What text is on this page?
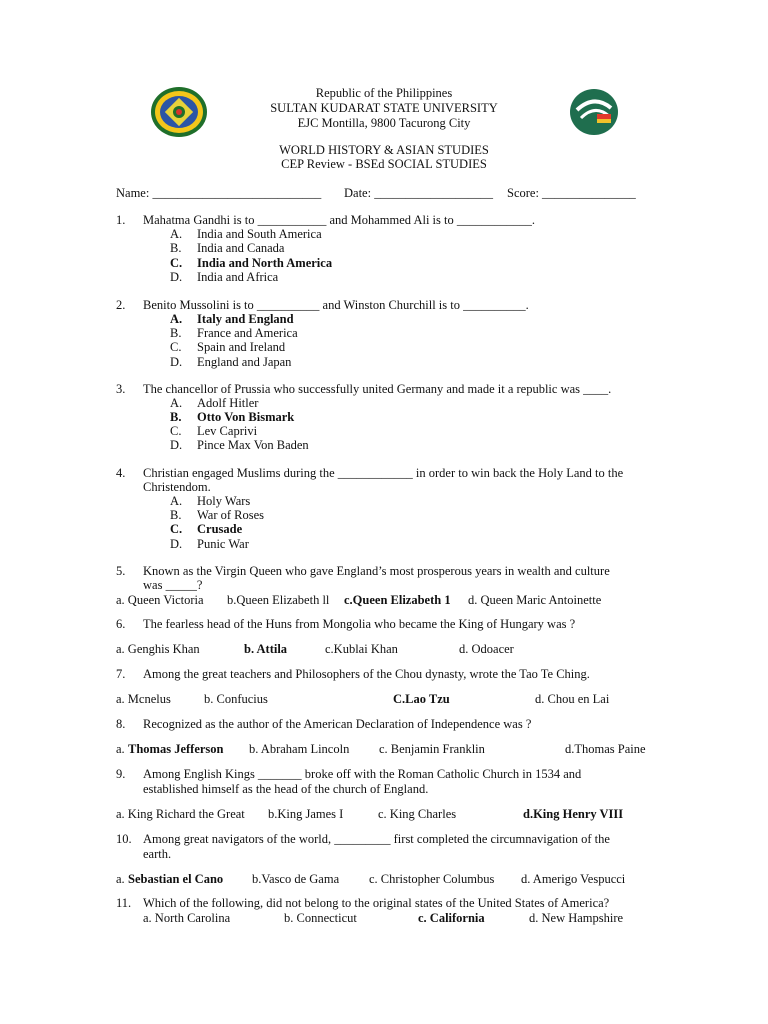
Republic of the Philippines
SULTAN KUDARAT STATE UNIVERSITY
EJC Montilla, 9800 Tacurong City
WORLD HISTORY & ASIAN STUDIES
CEP Review - BSEd SOCIAL STUDIES
Name: ___________________________ Date: ___________________ Score: _______________
1. Mahatma Gandhi is to ___________ and Mohammed Ali is to ____________.
A. India and South America
B. India and Canada
C. India and North America
D. India and Africa
2. Benito Mussolini is to __________ and Winston Churchill is to __________.
A. Italy and England
B. France and America
C. Spain and Ireland
D. England and Japan
3. The chancellor of Prussia who successfully united Germany and made it a republic was ____.
A. Adolf Hitler
B. Otto Von Bismark
C. Lev Caprivi
D. Pince Max Von Baden
4. Christian engaged Muslims during the ____________ in order to win back the Holy Land to the
Christendom.
A. Holy Wars
B. War of Roses
C. Crusade
D. Punic War
5. Known as the Virgin Queen who gave England’s most prosperous years in wealth and culture
was _____?
a. Queen Victoria b.Queen Elizabeth ll c.Queen Elizabeth 1 d. Queen Maric Antoinette
6. The fearless head of the Huns from Mongolia who became the King of Hungary was ?
a. Genghis Khan	b. Attila	c.Kublai Khan	d. Odoacer
7. Among the great teachers and Philosophers of the Chou dynasty, wrote the Tao Te Ching.
a. Mcnelus	b. Confucius	C.Lao Tzu	d. Chou en Lai
8. Recognized as the author of the American Declaration of Independence was ?
a. Thomas Jefferson b. Abraham Lincoln c. Benjamin Franklin	d.Thomas Paine
9. Among English Kings _______ broke off with the Roman Catholic Church in 1534 and
established himself as the head of the church of England.
a. King Richard the Great b.King James I	c. King Charles	d.King Henry VIII
10. Among great navigators of the world, _________ first completed the circumnavigation of the
earth.
a. Sebastian el Cano b.Vasco de Gama c. Christopher Columbus d. Amerigo Vespucci
11. Which of the following, did not belong to the original states of the United States of America?
a. North Carolina	b. Connecticut	c. California	d. New Hampshire
